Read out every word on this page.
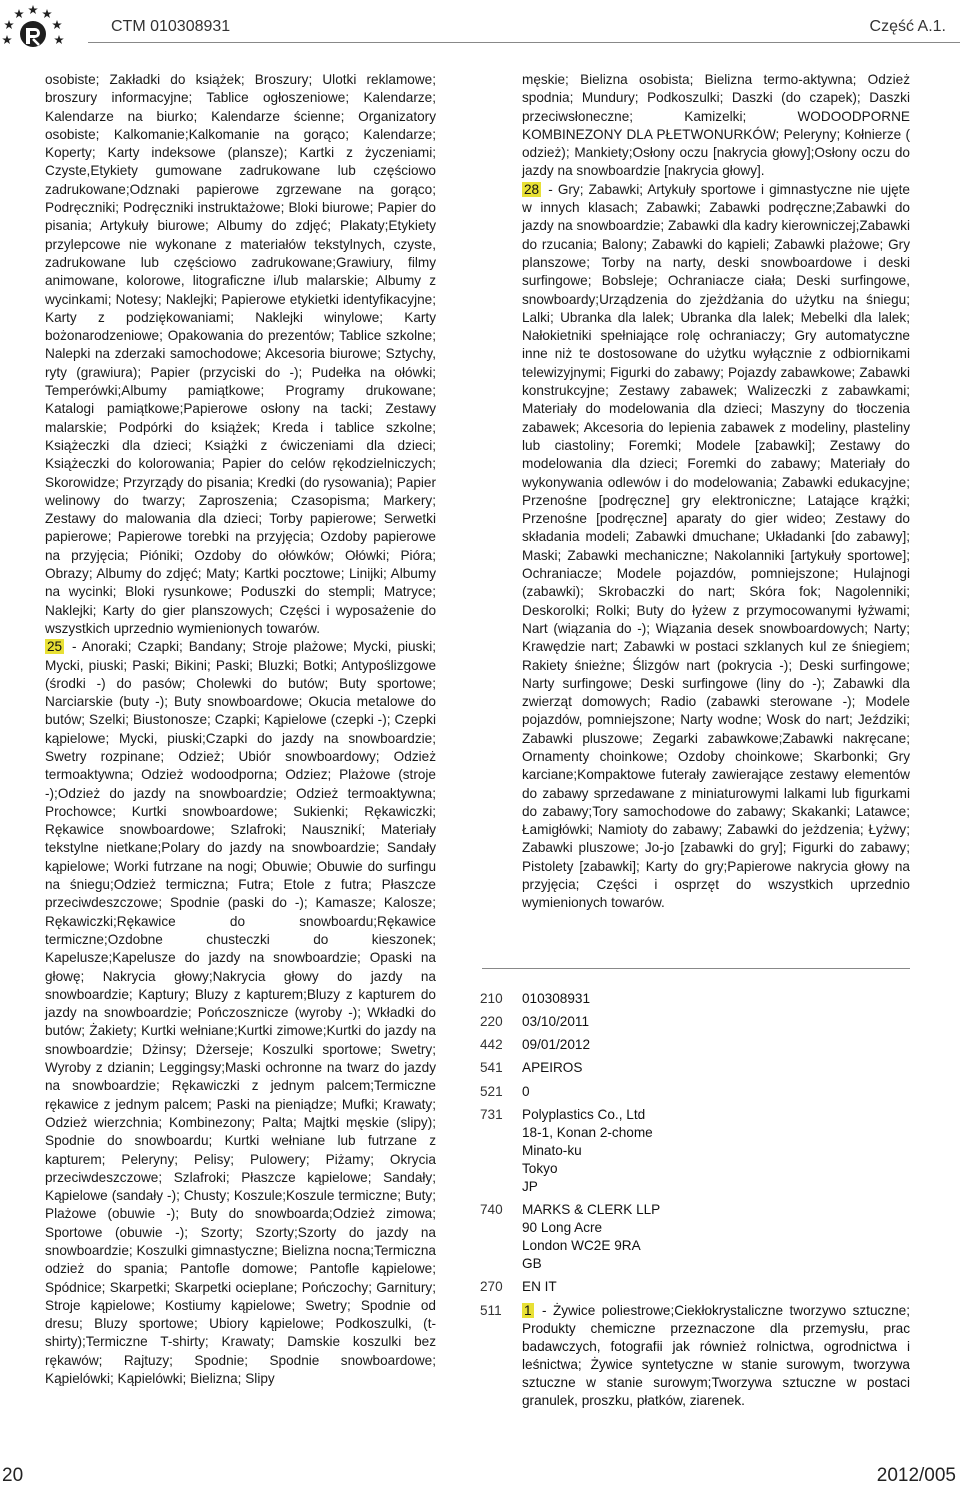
CTM 010308931	Część A.1.

osobiste; Zakładki do książek; Broszury; Ulotki reklamowe; broszury informacyjne; Tablice ogłoszeniowe; Kalendarze; Kalendarze na biurko; Kalendarze ścienne; Organizatory osobiste; Kalkomanie;Kalkomanie na gorąco; Kalendarze; Koperty; Karty indeksowe (plansze); Kartki z życzeniami; Czyste,Etykiety gumowane zadrukowane lub częściowo zadrukowane;Odznaki papierowe zgrzewane na gorąco; Podręczniki; Podręczniki instruktażowe; Bloki biurowe; Papier do pisania; Artykuły biurowe; Albumy do zdjęć; Plakaty;Etykiety przylepcowe nie wykonane z materiałów tekstylnych, czyste, zadrukowane lub częściowo zadrukowane;Grawiury, filmy animowane, kolorowe, litograficzne i/lub malarskie; Albumy z wycinkami; Notesy; Naklejki; Papierowe etykietki identyfikacyjne; Karty z podziękowaniami; Naklejki winylowe; Karty bożonarodzeniowe; Opakowania do prezentów; Tablice szkolne; Nalepki na zderzaki samochodowe; Akcesoria biurowe; Sztychy, ryty (grawiura); Papier (przyciski do -); Pudełka na ołówki; Temperówki;Albumy pamiątkowe; Programy drukowane; Katalogi pamiątkowe;Papierowe osłony na tacki; Zestawy malarskie; Podpórki do książek; Kreda i tablice szkolne; Książeczki dla dzieci; Książki z ćwiczeniami dla dzieci; Książeczki do kolorowania; Papier do celów rękodzielniczych; Skorowidze; Przyrządy do pisania; Kredki (do rysowania); Papier welinowy do twarzy; Zaproszenia; Czasopisma; Markery; Zestawy do malowania dla dzieci; Torby papierowe; Serwetki papierowe; Papierowe torebki na przyjęcia; Ozdoby papierowe na przyjęcia; Pióniki; Ozdoby do ołówków; Ołówki; Pióra; Obrazy; Albumy do zdjęć; Maty; Kartki pocztowe; Linijki; Albumy na wycinki; Bloki rysunkowe; Poduszki do stempli; Matryce; Naklejki; Karty do gier planszowych; Części i wyposażenie do wszystkich uprzednio wymienionych towarów.

25 - Anoraki; Czapki; Bandany; Stroje plażowe; Mycki, piuski; Mycki, piuski; Paski; Bikini; Paski; Bluzki; Botki; Antypoślizgowe (środki -) do pasów; Cholewki do butów; Buty sportowe; Narciarskie (buty -); Buty snowboardowe; Okucia metalowe do butów; Szelki; Biustonosze; Czapki; Kąpielowe (czepki -); Czepki kąpielowe; Mycki, piuski;Czapki do jazdy na snowboardzie; Swetry rozpinane; Odzież; Ubiór snowboardowy; Odzież termoaktywna; Odzież wodoodporna; Odziez; Plażowe (stroje -);Odzież do jazdy na snowboardzie; Odzież termoaktywna; Prochowce; Kurtki snowboardowe; Sukienki; Rękawiczki; Rękawice snowboardowe; Szlafroki; Nausznikí; Materiały tekstylne nietkane;Polary do jazdy na snowboardzie; Sandały kąpielowe; Worki futrzane na nogi; Obuwie; Obuwie do surfingu na śniegu;Odzież termiczna; Futra; Etole z futra; Płaszcze przeciwdeszczowe; Spodnie (paski do -); Kamasze; Kalosze; Rękawiczki;Rękawice do snowboardu;Rękawice termiczne;Ozdobne chusteczki do kieszonek; Kapelusze;Kapelusze do jazdy na snowboardzie; Opaski na głowę; Nakrycia głowy;Nakrycia głowy do jazdy na snowboardzie; Kaptury; Bluzy z kapturem;Bluzy z kapturem do jazdy na snowboardzie; Pończosznicze (wyroby -); Wkładki do butów; Żakiety; Kurtki wełniane;Kurtki zimowe;Kurtki do jazdy na snowboardzie; Dżinsy; Dżerseje; Koszulki sportowe; Swetry; Wyroby z dzianin; Leggingsy;Maski ochronne na twarz do jazdy na snowboardzie; Rękawiczki z jednym palcem;Termiczne rękawice z jednym palcem; Paski na pieniądze; Mufki; Krawaty; Odzież wierzchnia; Kombinezony; Palta; Majtki męskie (slipy); Spodnie do snowboardu; Kurtki wełniane lub futrzane z kapturem; Peleryny; Pelisy; Pulowery; Piżamy; Okrycia przeciwdeszczowe; Szlafroki; Płaszcze kąpielowe; Sandały; Kąpielowe (sandały -); Chusty; Koszule;Koszule termiczne; Buty; Plażowe (obuwie -); Buty do snowboarda;Odzież zimowa; Sportowe (obuwie -); Szorty; Szorty;Szorty do jazdy na snowboardzie; Koszulki gimnastyczne; Bielizna nocna;Termiczna odzież do spania; Pantofle domowe; Pantofle kąpielowe; Spódnice; Skarpetki; Skarpetki ocieplane; Pończochy; Garnitury; Stroje kąpielowe; Kostiumy kąpielowe; Swetry; Spodnie od dresu; Bluzy sportowe; Ubiory kąpielowe; Podkoszulki, (t-shirty);Termiczne T-shirty; Krawaty; Damskie koszulki bez rękawów; Rajtuzy; Spodnie; Spodnie snowboardowe; Kąpielówki; Kąpielówki; Bielizna; Slipy

męskie; Bielizna osobista; Bielizna termo-aktywna; Odzież spodnia; Mundury; Podkoszulki; Daszki (do czapek); Daszki przeciwsłoneczne; Kamizelki; WODOODPORNE KOMBINEZONY DLA PŁETWONURKÓW; Peleryny; Kołnierze ( odzież); Mankiety;Osłony oczu [nakrycia głowy];Osłony oczu do jazdy na snowboardzie [nakrycia głowy].

28 - Gry; Zabawki; Artykuły sportowe i gimnastyczne nie ujęte w innych klasach; Zabawki; Zabawki podręczne;Zabawki do jazdy na snowboardzie; Zabawki dla kadry kierowniczej;Zabawki do rzucania; Balony; Zabawki do kąpieli; Zabawki plażowe; Gry planszowe; Torby na narty, deski snowboardowe i deski surfingowe; Bobsleje; Ochraniacze ciała; Deski surfingowe, snowboardy;Urządzenia do zjeżdżania do użytku na śniegu; Lalki; Ubranka dla lalek; Ubranka dla lalek; Mebelki dla lalek; Nałokietniki spełniające rolę ochraniaczy; Gry automatyczne inne niż te dostosowane do użytku wyłącznie z odbiornikami telewizyjnymi; Figurki do zabawy; Pojazdy zabawkowe; Zabawki konstrukcyjne; Zestawy zabawek; Walizeczki z zabawkami; Materiały do modelowania dla dzieci; Maszyny do tłoczenia zabawek; Akcesoria do lepienia zabawek z modeliny, plasteliny lub ciastoliny; Foremki; Modele [zabawki]; Zestawy do modelowania dla dzieci; Foremki do zabawy; Materiały do wykonywania odlewów i do modelowania; Zabawki edukacyjne; Przenośne [podręczne] gry elektroniczne; Latające krążki; Przenośne [podręczne] aparaty do gier wideo; Zestawy do składania modeli; Zabawki dmuchane; Układanki [do zabawy]; Maski; Zabawki mechaniczne; Nakolanniki [artykuły sportowe]; Ochraniacze; Modele pojazdów, pomniejszone; Hulajnogi (zabawki); Skrobaczki do nart; Skóra fok; Nagolenniki; Deskorolki; Rolki; Buty do łyżew z przymocowanymi łyżwami; Nart (wiązania do -); Wiązania desek snowboardowych; Narty; Krawędzie nart; Zabawki w postaci szklanych kul ze śniegiem; Rakiety śnieżne; Ślizgów nart (pokrycia -); Deski surfingowe; Narty surfingowe; Deski surfingowe (liny do -); Zabawki dla zwierząt domowych; Radio (zabawki sterowane -); Modele pojazdów, pomniejszone; Narty wodne; Wosk do nart; Jeździki; Zabawki pluszowe; Zegarki zabawkowe;Zabawki nakręcane; Ornamenty choinkowe; Ozdoby choinkowe; Skarbonki; Gry karciane;Kompaktowe futerały zawierające zestawy elementów do zabawy sprzedawane z miniaturowymi lalkami lub figurkami do zabawy;Tory samochodowe do zabawy; Skakanki; Latawce; Łamigłówki; Namioty do zabawy; Zabawki do jeżdzenia; Łyżwy; Zabawki pluszowe; Jo-jo [zabawki do gry]; Figurki do zabawy; Pistolety [zabawki]; Karty do gry;Papierowe nakrycia głowy na przyjęcia; Części i osprzęt do wszystkich uprzednio wymienionych towarów.

210	010308931
220	03/10/2011
442	09/01/2012
541	APEIROS
521	0
731	Polyplastics Co., Ltd
18-1, Konan 2-chome
Minato-ku
Tokyo
JP
740	MARKS & CLERK LLP
90 Long Acre
London WC2E 9RA
GB
270	EN IT
511	1 - Żywice poliestrowe;Ciekłokrystaliczne tworzywo sztuczne; Produkty chemiczne przeznaczone dla przemysłu, prac badawczych, fotografii jak również rolnictwa, ogrodnictwa i leśnictwa; Żywice syntetyczne w stanie surowym, tworzywa sztuczne w stanie surowym;Tworzywa sztuczne w postaci granulek, proszku, płatków, ziarenek.

20	2012/005
